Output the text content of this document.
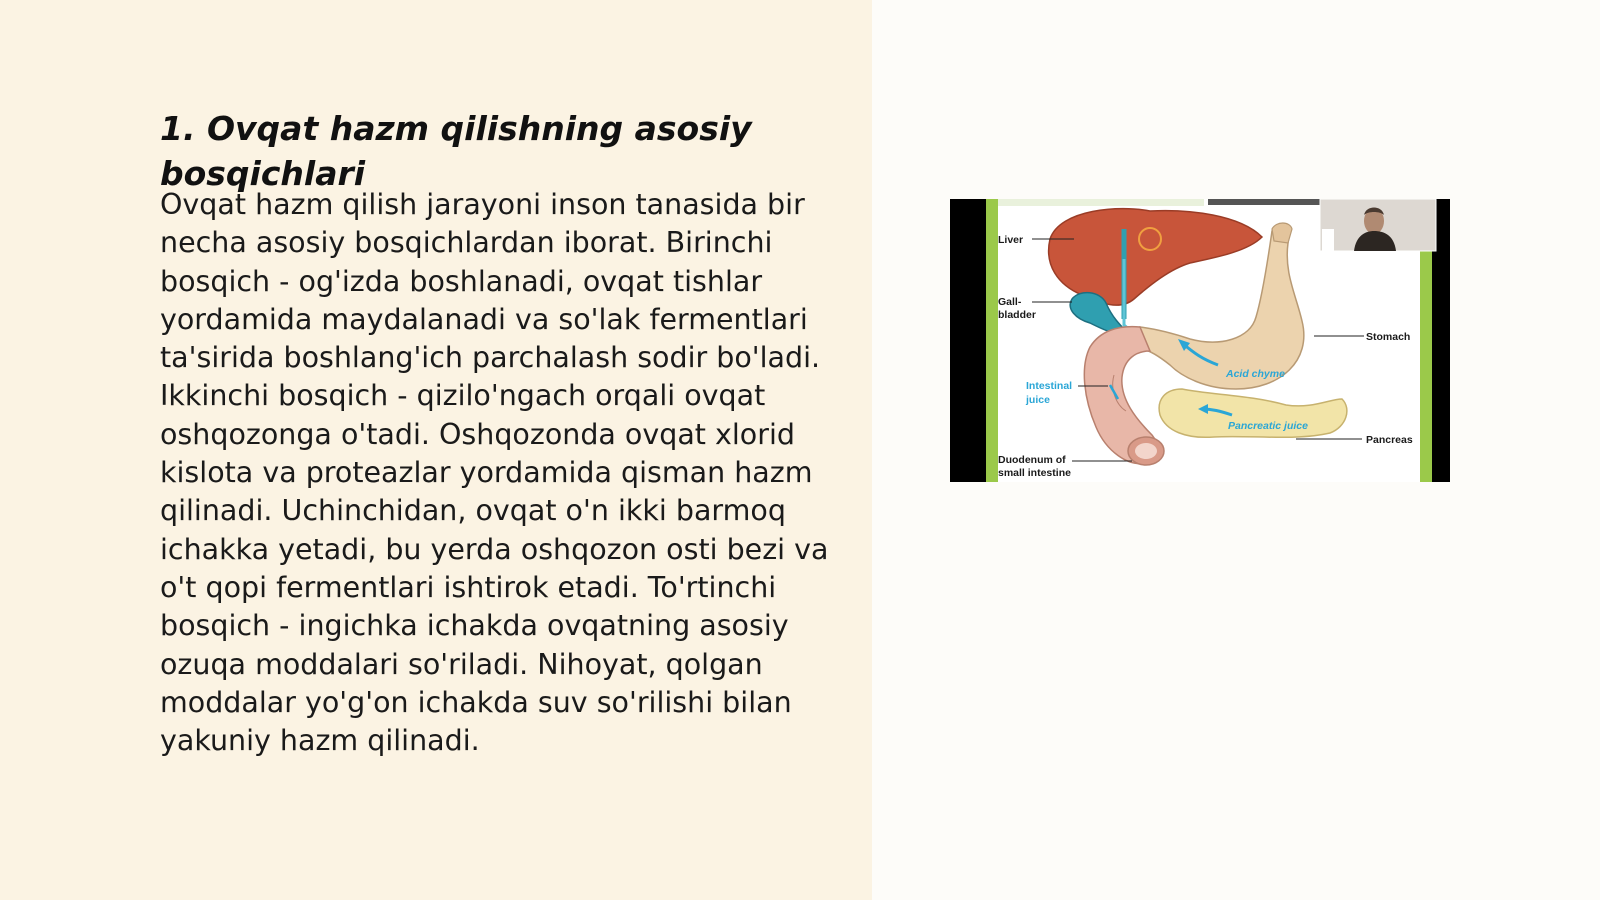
1. Ovqat hazm qilishning asosiy bosqichlari

Ovqat hazm qilish jarayoni inson tanasida bir necha asosiy bosqichlardan iborat. Birinchi bosqich - og'izda boshlanadi, ovqat tishlar yordamida maydalanadi va so'lak fermentlari ta'sirida boshlang'ich parchalash sodir bo'ladi. Ikkinchi bosqich - qizilo'ngach orqali ovqat oshqozonga o'tadi. Oshqozonda ovqat xlorid kislota va proteazlar yordamida qisman hazm qilinadi. Uchinchidan, ovqat o'n ikki barmoq ichakka yetadi, bu yerda oshqozon osti bezi va o't qopi fermentlari ishtirok etadi. To'rtinchi bosqich - ingichka ichakda ovqatning asosiy ozuqa moddalari so'riladi. Nihoyat, qolgan moddalar yo'g'on ichakda suv so'rilishi bilan yakuniy hazm qilinadi.

Liver
Gall-
bladder
Stomach
Intestinal
juice
Acid chyme
Pancreatic juice
Pancreas
Duodenum of
small intestine
